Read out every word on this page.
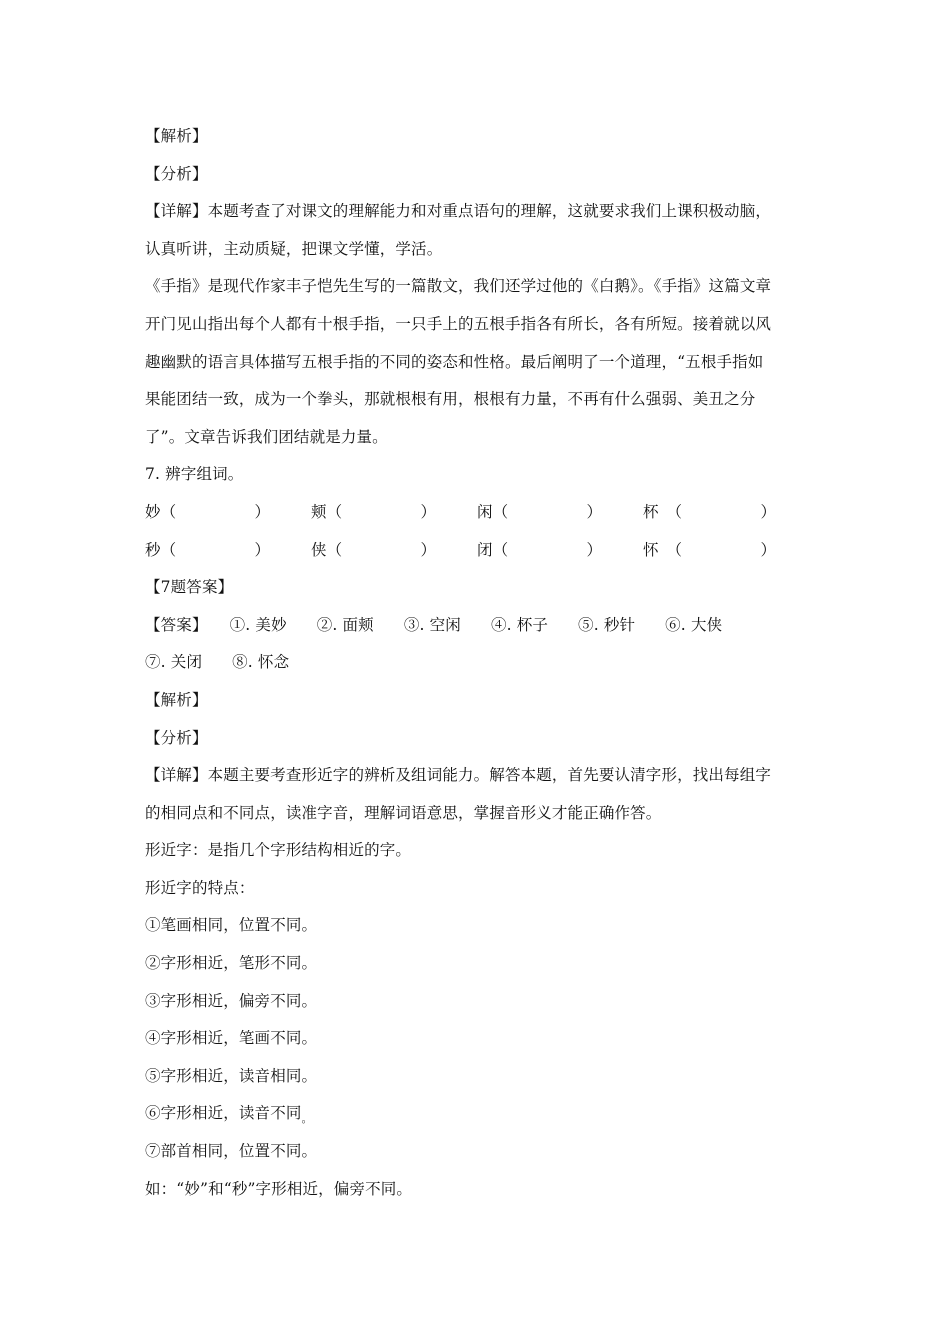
【解析】
【分析】
【详解】本题考查了对课文的理解能力和对重点语句的理解，这就要求我们上课积极动脑，
认真听讲，主动质疑，把课文学懂，学活。
《手指》是现代作家丰子恺先生写的一篇散文，我们还学过他的《白鹅》。《手指》这篇文章
开门见山指出每个人都有十根手指，一只手上的五根手指各有所长，各有所短。接着就以风
趣幽默的语言具体描写五根手指的不同的姿态和性格。最后阐明了一个道理，“五根手指如
果能团结一致，成为一个拳头，那就根根有用，根根有力量，不再有什么强弱、美丑之分
了”。文章告诉我们团结就是力量。
7. 辨字组词。
妙（　　　　　）	颊（　　　　　）	闲（　　　　　）	杯　（　　　　　）
秒（　　　　　）	侠（　　　　　）	闭（　　　　　）	怀　（　　　　　）
【7题答案】
【答案】 ①. 美妙 ②. 面颊 ③. 空闲 ④. 杯子 ⑤. 秒针 ⑥. 大侠
⑦. 关闭 ⑧. 怀念
【解析】
【分析】
【详解】本题主要考查形近字的辨析及组词能力。解答本题，首先要认清字形，找出每组字
的相同点和不同点，读准字音，理解词语意思，掌握音形义才能正确作答。
形近字：是指几个字形结构相近的字。
形近字的特点：
①笔画相同，位置不同。
②字形相近，笔形不同。
③字形相近，偏旁不同。
④字形相近，笔画不同。
⑤字形相近，读音相同。
⑥字形相近，读音不同$_。$
⑦部首相同，位置不同。
如：“妙”和“秒”字形相近，偏旁不同。
